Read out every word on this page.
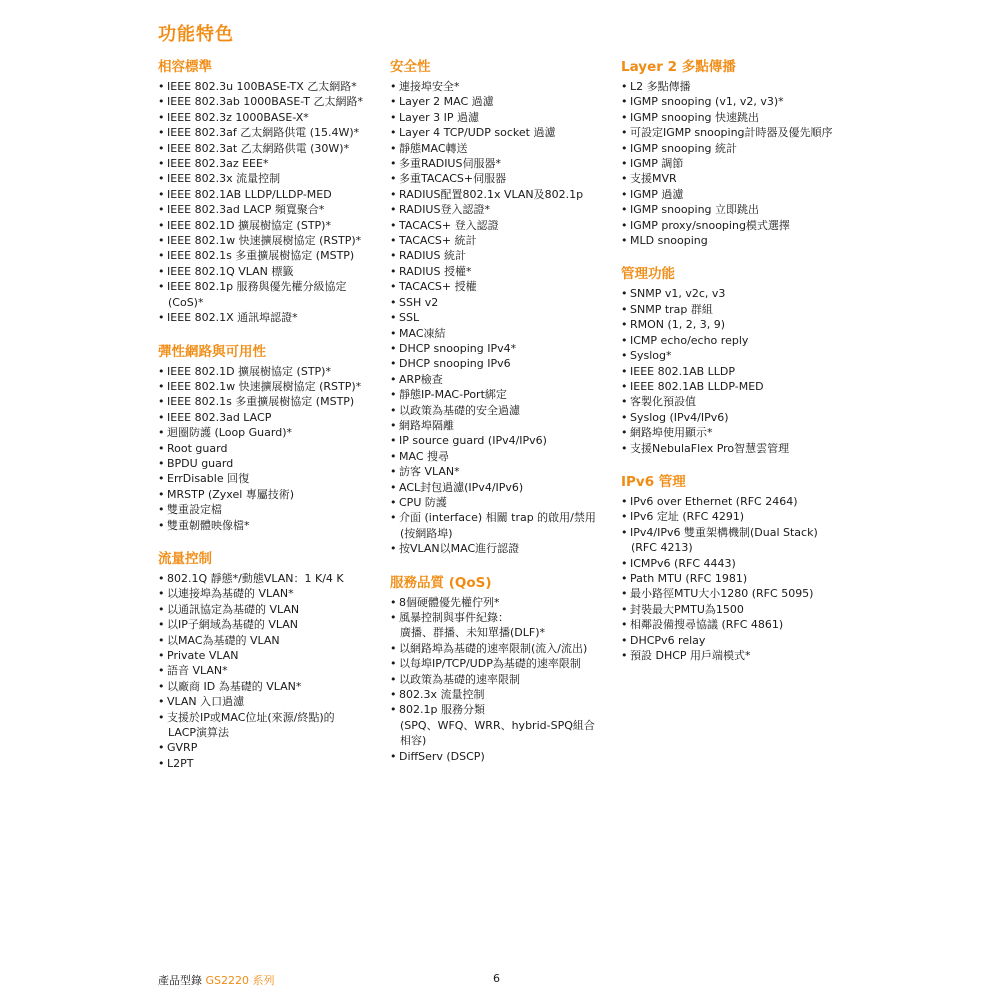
功能特色
相容標準
• IEEE 802.3u 100BASE-TX 乙太網路*
• IEEE 802.3ab 1000BASE-T 乙太網路*
• IEEE 802.3z 1000BASE-X*
• IEEE 802.3af 乙太網路供電 (15.4W)*
• IEEE 802.3at 乙太網路供電 (30W)*
• IEEE 802.3az EEE*
• IEEE 802.3x 流量控制
• IEEE 802.1AB LLDP/LLDP-MED
• IEEE 802.3ad LACP 頻寬聚合*
• IEEE 802.1D 擴展樹協定 (STP)*
• IEEE 802.1w 快速擴展樹協定 (RSTP)*
• IEEE 802.1s 多重擴展樹協定 (MSTP)
• IEEE 802.1Q VLAN 標籤
• IEEE 802.1p 服務與優先權分級協定
(CoS)*
• IEEE 802.1X 通訊埠認證*
彈性網路與可用性
• IEEE 802.1D 擴展樹協定 (STP)*
• IEEE 802.1w 快速擴展樹協定 (RSTP)*
• IEEE 802.1s 多重擴展樹協定 (MSTP)
• IEEE 802.3ad LACP
• 迴圈防護 (Loop Guard)*
• Root guard
• BPDU guard
• ErrDisable 回復
• MRSTP (Zyxel 專屬技術)
• 雙重設定檔
• 雙重韌體映像檔*
流量控制
• 802.1Q 靜態*/動態VLAN：1 K/4 K
• 以連接埠為基礎的 VLAN*
• 以通訊協定為基礎的 VLAN
• 以IP子網域為基礎的 VLAN
• 以MAC為基礎的 VLAN
• Private VLAN
• 語音 VLAN*
• 以廠商 ID 為基礎的 VLAN*
• VLAN 入口過濾
• 支援於IP或MAC位址(來源/終點)的
LACP演算法
• GVRP
• L2PT
安全性
• 連接埠安全*
• Layer 2 MAC 過濾
• Layer 3 IP 過濾
• Layer 4 TCP/UDP socket 過濾
• 靜態MAC轉送
• 多重RADIUS伺服器*
• 多重TACACS+伺服器
• RADIUS配置802.1x VLAN及802.1p
• RADIUS登入認證*
• TACACS+ 登入認證
• TACACS+ 統計
• RADIUS 統計
• RADIUS 授權*
• TACACS+ 授權
• SSH v2
• SSL
• MAC凍結
• DHCP snooping IPv4*
• DHCP snooping IPv6
• ARP檢查
• 靜態IP-MAC-Port綁定
• 以政策為基礎的安全過濾
• 網路埠隔離
• IP source guard (IPv4/IPv6)
• MAC 搜尋
• 訪客 VLAN*
• ACL封包過濾(IPv4/IPv6)
• CPU 防護
• 介面 (interface) 相關 trap 的啟用/禁用
(按網路埠)
• 按VLAN以MAC進行認證
服務品質 (QoS)
• 8個硬體優先權佇列*
• 風暴控制與事件紀錄：
廣播、群播、未知單播(DLF)*
• 以網路埠為基礎的速率限制(流入/流出)
• 以每埠IP/TCP/UDP為基礎的速率限制
• 以政策為基礎的速率限制
• 802.3x 流量控制
• 802.1p 服務分類
(SPQ、WFQ、WRR、hybrid-SPQ組合
相容)
• DiffServ (DSCP)
Layer 2 多點傳播
• L2 多點傳播
• IGMP snooping (v1, v2, v3)*
• IGMP snooping 快速跳出
• 可設定IGMP snooping計時器及優先順序
• IGMP snooping 統計
• IGMP 調節
• 支援MVR
• IGMP 過濾
• IGMP snooping 立即跳出
• IGMP proxy/snooping模式選擇
• MLD snooping
管理功能
• SNMP v1, v2c, v3
• SNMP trap 群組
• RMON (1, 2, 3, 9)
• ICMP echo/echo reply
• Syslog*
• IEEE 802.1AB LLDP
• IEEE 802.1AB LLDP-MED
• 客製化預設值
• Syslog (IPv4/IPv6)
• 網路埠使用顯示*
• 支援NebulaFlex Pro智慧雲管理
IPv6 管理
• IPv6 over Ethernet (RFC 2464)
• IPv6 定址 (RFC 4291)
• IPv4/IPv6 雙重架構機制(Dual Stack)
(RFC 4213)
• ICMPv6 (RFC 4443)
• Path MTU (RFC 1981)
• 最小路徑MTU大小1280 (RFC 5095)
• 封裝最大PMTU為1500
• 相鄰設備搜尋協議 (RFC 4861)
• DHCPv6 relay
• 預設 DHCP 用戶端模式*
產品型錄 GS2220 系列	6
